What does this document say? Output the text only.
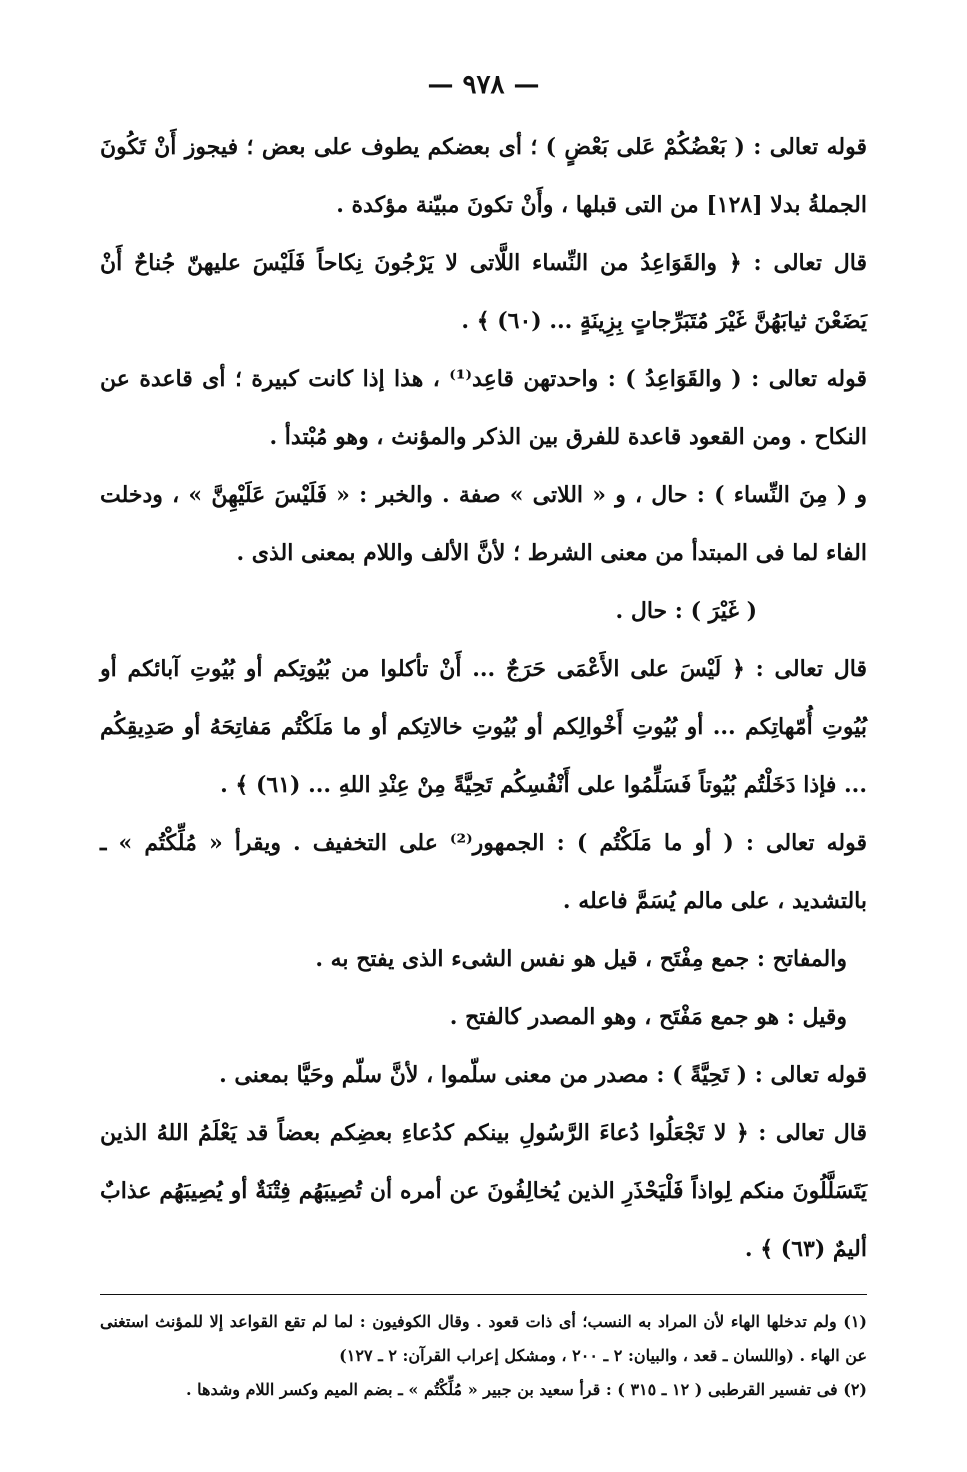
— ٩٧٨ —

قوله تعالى : ( بَعْضُكُمْ عَلى بَعْضٍ ) ؛ أى بعضكم يطوف على بعض ؛ فيجوز أَنْ تَكُونَ الجملةُ بدلا [١٢٨] من التى قبلها ، وأَنْ تكونَ مبيّنة مؤكدة .

قال تعالى : ﴿ والقَوَاعِدُ من النِّساء اللَّاتى لا يَرْجُونَ نِكاحاً فَلَيْسَ عليهنّ جُناحٌ أَنْ يَضَعْنَ ثيابَهُنَّ غَيْرَ مُتَبَرِّجاتٍ بِزِينَةٍ ... (٦٠) ﴾ .

قوله تعالى : ( والقَوَاعِدُ ) : واحدتهن قاعِد⁽¹⁾ ، هذا إذا كانت كبيرة ؛ أى قاعدة عن النكاح . ومن القعود قاعدة للفرق بين الذكر والمؤنث ، وهو مُبْتدأ .

و ( مِنَ النِّساء ) : حال ، و « اللاتى » صفة . والخبر : « فَلَيْسَ عَلَيْهِنَّ » ، ودخلت الفاء لما فى المبتدأ من معنى الشرط ؛ لأنَّ الألف واللام بمعنى الذى .

( غَيْرَ ) : حال .

قال تعالى : ﴿ لَيْسَ على الأَعْمَى حَرَجٌ ... أَنْ تأكلوا من بُيُوتِكم أو بُيُوتِ آبائكم أو بُيُوتِ أُمّهاتِكم ... أو بُيُوتِ أَخْوالِكم أو بُيُوتِ خالاتِكم أو ما مَلَكْتُم مَفاتِحَهُ أو صَدِيقِكُم ... فإذا دَخَلْتُم بُيُوتاً فَسَلِّمُوا على أَنْفُسِكُم تَحِيَّةً مِنْ عِنْدِ اللهِ ... (٦١) ﴾ .

قوله تعالى : ( أو ما مَلَكْتُم ) : الجمهور⁽²⁾ على التخفيف . ويقرأ « مُلِّكْتُم » ـ بالتشديد ، على مالم يُسَمَّ فاعله .

والمفاتح : جمع مِفْتَح ، قيل هو نفس الشىء الذى يفتح به .

وقيل : هو جمع مَفْتَح ، وهو المصدر كالفتح .

قوله تعالى : ( تَحِيَّةً ) : مصدر من معنى سلّموا ، لأنَّ سلّم وحَيَّا بمعنى .

قال تعالى : ﴿ لا تَجْعَلُوا دُعاءَ الرَّسُولِ بينكم كدُعاءِ بعضِكم بعضاً قد يَعْلَمُ اللهُ الذين يَتَسَلَّلُونَ منكم لِواذاً فَلْيَحْذَرِ الذين يُخالِفُونَ عن أمره أن تُصِيبَهُم فِتْنَةٌ أو يُصِيبَهُم عذابٌ أليمٌ (٦٣) ﴾ .

(١) ولم تدخلها الهاء لأن المراد به النسب؛ أى ذات قعود . وقال الكوفيون : لما لم تقع القواعد إلا للمؤنث استغنى عن الهاء . (واللسان ـ قعد ، والبيان: ٢ ـ ٢٠٠ ، ومشكل إعراب القرآن: ٢ ـ ١٢٧)

(٢) فى تفسير القرطبى ( ١٢ ـ ٣١٥ ) : قرأ سعيد بن جبير « مُلِّكْتُم » ـ بضم الميم وكسر اللام وشدها .
